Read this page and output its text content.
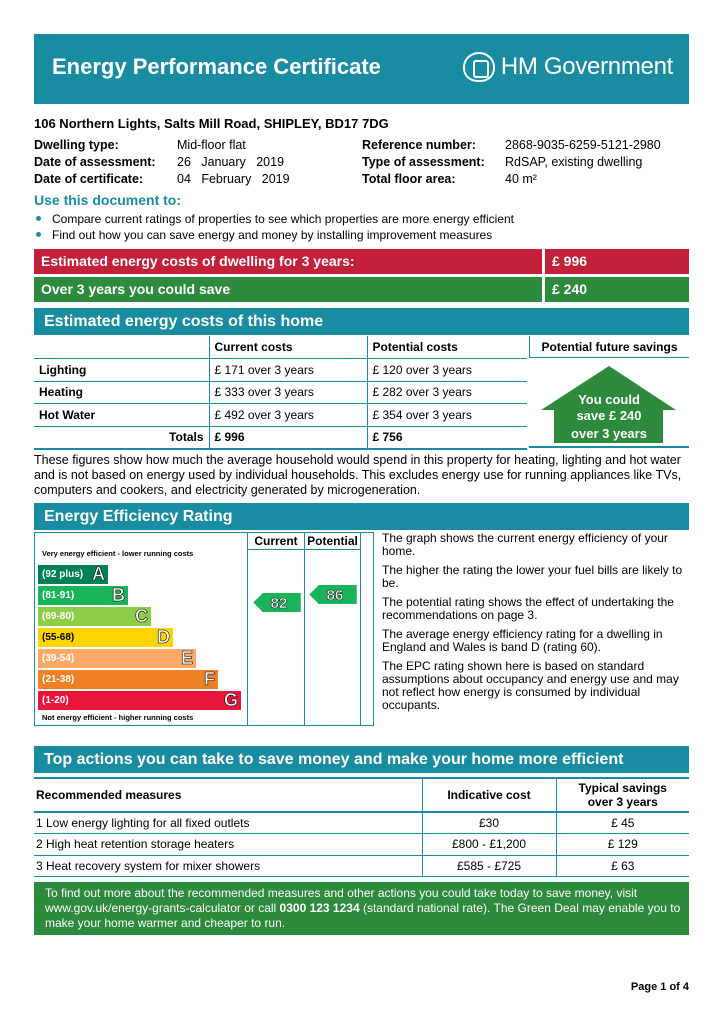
Energy Performance Certificate	HM Government
106 Northern Lights, Salts Mill Road, SHIPLEY, BD17 7DG
Dwelling type:	Mid-floor flat
Date of assessment: 26   January   2019
Date of certificate:	04   February   2019
Reference number: 2868-9035-6259-5121-2980
Type of assessment: RdSAP, existing dwelling
Total floor area:	40 m²
Use this document to:
Compare current ratings of properties to see which properties are more energy efficient
Find out how you can save energy and money by installing improvement measures
Estimated energy costs of dwelling for 3 years:	£ 996
Over 3 years you could save	£ 240
Estimated energy costs of this home
	Current costs	Potential costs
Lighting	£ 171 over 3 years	£ 120 over 3 years
Heating	£ 333 over 3 years	£ 282 over 3 years
Hot Water	£ 492 over 3 years	£ 354 over 3 years
Totals	£ 996	£ 756
Potential future savings
You could
save £ 240
over 3 years
These figures show how much the average household would spend in this property for heating, lighting and hot water and is not based on energy used by individual households. This excludes energy use for running appliances like TVs, computers and cookers, and electricity generated by microgeneration.
Energy Efficiency Rating
Current Potential
Very energy efficient - lower running costs
(92 plus) A
(81-91) B
(69-80)	C
(55-68)	D
(39-54)	E
(21-38)	F
(1-20)	G
Not energy efficient - higher running costs
82 86

The graph shows the current energy efficiency of your home.

The higher the rating the lower your fuel bills are likely to be.

The potential rating shows the effect of undertaking the recommendations on page 3.

The average energy efficiency rating for a dwelling in England and Wales is band D (rating 60).

The EPC rating shown here is based on standard assumptions about occupancy and energy use and may not reflect how energy is consumed by individual occupants.

Top actions you can take to save money and make your home more efficient
Recommended measures	Indicative cost	Typical savings
over 3 years

1 Low energy lighting for all fixed outlets	£30	£ 45
2 High heat retention storage heaters	£800 - £1,200	£ 129
3 Heat recovery system for mixer showers	£585 - £725	£ 63
To find out more about the recommended measures and other actions you could take today to save money, visit www.gov.uk/energy-grants-calculator or call 0300 123 1234 (standard national rate). The Green Deal may enable you to make your home warmer and cheaper to run.
Page 1 of 4
